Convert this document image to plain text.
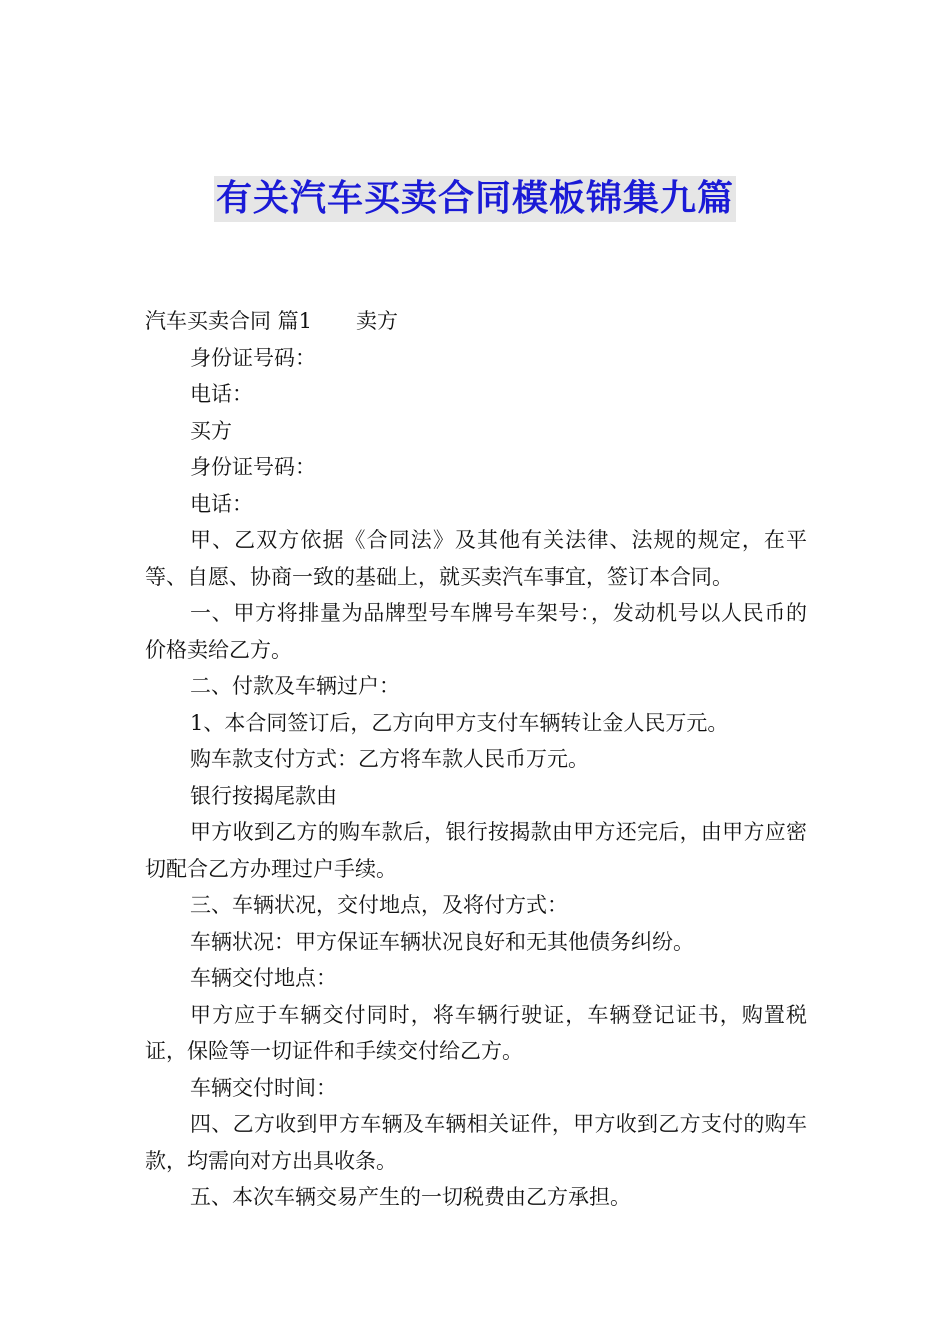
有关汽车买卖合同模板锦集九篇

汽车买卖合同 篇1 卖方

身份证号码：

电话：

买方

身份证号码：

电话：

甲、乙双方依据《合同法》及其他有关法律、法规的规定，在平等、自愿、协商一致的基础上，就买卖汽车事宜，签订本合同。

一、甲方将排量为品牌型号车牌号车架号：，发动机号以人民币的价格卖给乙方。

二、付款及车辆过户：

1、本合同签订后，乙方向甲方支付车辆转让金人民万元。

购车款支付方式：乙方将车款人民币万元。

银行按揭尾款由

甲方收到乙方的购车款后，银行按揭款由甲方还完后，由甲方应密切配合乙方办理过户手续。

三、车辆状况，交付地点，及将付方式：

车辆状况：甲方保证车辆状况良好和无其他债务纠纷。

车辆交付地点：

甲方应于车辆交付同时，将车辆行驶证，车辆登记证书，购置税证，保险等一切证件和手续交付给乙方。

车辆交付时间：

四、乙方收到甲方车辆及车辆相关证件，甲方收到乙方支付的购车款，均需向对方出具收条。

五、本次车辆交易产生的一切税费由乙方承担。
